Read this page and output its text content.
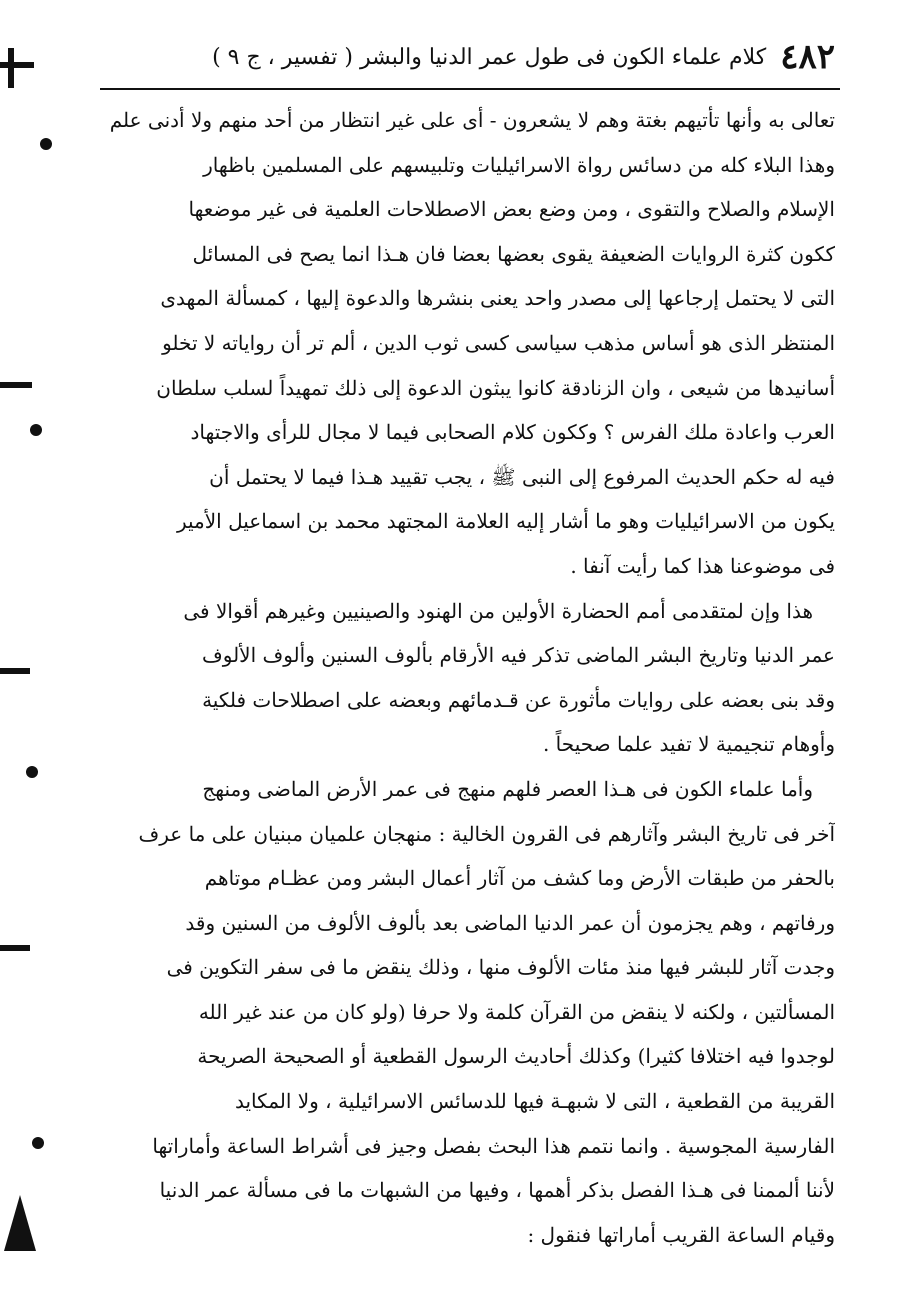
٤٨٢
كلام علماء الكون فى طول عمر الدنيا والبشر ( تفسير ، ج ٩ )
تعالى به وأنها تأتيهم بغتة وهم لا يشعرون - أى على غير انتظار من أحد منهم ولا أدنى علم
وهذا البلاء كله من دسائس رواة الاسرائيليات وتلبيسهم على المسلمين باظهار
الإسلام والصلاح والتقوى ، ومن وضع بعض الاصطلاحات العلمية فى غير موضعها
ككون كثرة الروايات الضعيفة يقوى بعضها بعضا فان هـذا انما يصح فى المسائل
التى لا يحتمل إرجاعها إلى مصدر واحد يعنى بنشرها والدعوة إليها ، كمسألة المهدى
المنتظر الذى هو أساس مذهب سياسى كسى ثوب الدين ، ألم تر أن رواياته لا تخلو
أسانيدها من شيعى ، وان الزنادقة كانوا يبثون الدعوة إلى ذلك تمهيداً لسلب سلطان
العرب واعادة ملك الفرس ؟ وككون كلام الصحابى فيما لا مجال للرأى والاجتهاد
فيه له حكم الحديث المرفوع إلى النبى ﷺ ، يجب تقييد هـذا فيما لا يحتمل أن
يكون من الاسرائيليات وهو ما أشار إليه العلامة المجتهد محمد بن اسماعيل الأمير
فى موضوعنا هذا كما رأيت آنفا .
هذا وإن لمتقدمى أمم الحضارة الأولين من الهنود والصينيين وغيرهم أقوالا فى
عمر الدنيا وتاريخ البشر الماضى تذكر فيه الأرقام بألوف السنين وألوف الألوف
وقد بنى بعضه على روايات مأثورة عن قـدمائهم وبعضه على اصطلاحات فلكية
وأوهام تنجيمية لا تفيد علما صحيحاً .
وأما علماء الكون فى هـذا العصر فلهم منهج فى عمر الأرض الماضى ومنهج
آخر فى تاريخ البشر وآثارهم فى القرون الخالية : منهجان علميان مبنيان على ما عرف
بالحفر من طبقات الأرض وما كشف من آثار أعمال البشر ومن عظـام موتاهم
ورفاتهم ، وهم يجزمون أن عمر الدنيا الماضى بعد بألوف الألوف من السنين وقد
وجدت آثار للبشر فيها منذ مئات الألوف منها ، وذلك ينقض ما فى سفر التكوين فى
المسألتين ، ولكنه لا ينقض من القرآن كلمة ولا حرفا (ولو كان من عند غير الله
لوجدوا فيه اختلافا كثيرا) وكذلك أحاديث الرسول القطعية أو الصحيحة الصريحة
القريبة من القطعية ، التى لا شبهـة فيها للدسائس الاسرائيلية ، ولا المكايد
الفارسية المجوسية . وانما نتمم هذا البحث بفصل وجيز فى أشراط الساعة وأماراتها
لأننا ألممنا فى هـذا الفصل بذكر أهمها ، وفيها من الشبهات ما فى مسألة عمر الدنيا
وقيام الساعة القريب أماراتها فنقول :
